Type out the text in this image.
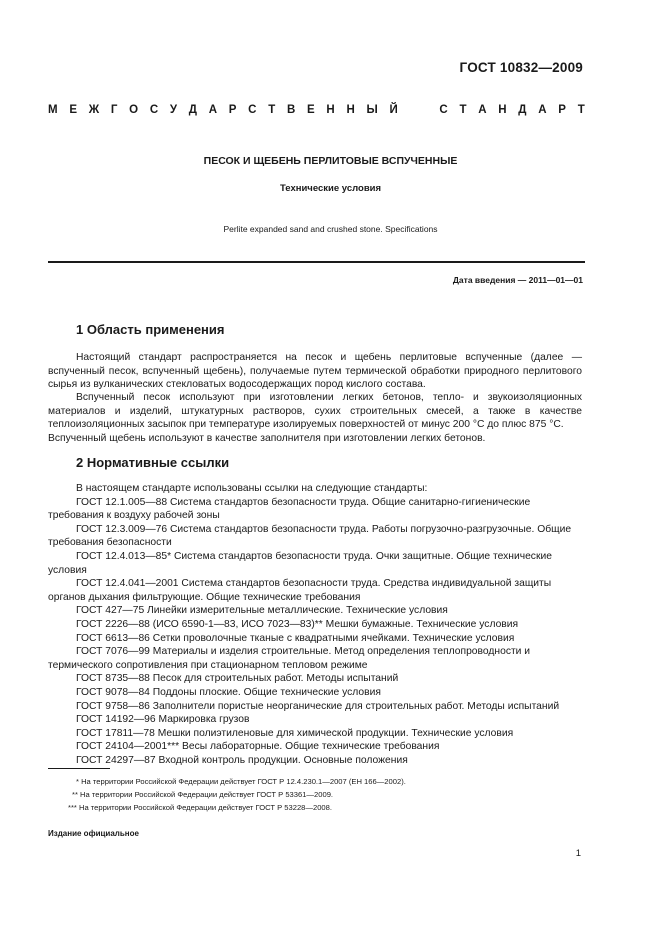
ГОСТ 10832—2009
М Е Ж Г О С У Д А Р С Т В Е Н Н Ы Й

	С Т А Н Д А Р Т
ПЕСОК И ЩЕБЕНЬ ПЕРЛИТОВЫЕ ВСПУЧЕННЫЕ
Технические условия
Perlite expanded sand and crushed stone. Specifications
Дата введения — 2011—01—01
1 Область применения
Настоящий стандарт распространяется на песок и щебень перлитовые вспученные (далее — вспученный песок, вспученный щебень), получаемые путем термической обработки природного перлитового сырья из вулканических стекловатых водосодержащих пород кислого состава.
Вспученный песок используют при изготовлении легких бетонов, тепло- и звукоизоляционных материалов и изделий, штукатурных растворов, сухих строительных смесей, а также в качестве теплоизоляционных засыпок при температуре изолируемых поверхностей от минус 200 °С до плюс 875 °С.
Вспученный щебень используют в качестве заполнителя при изготовлении легких бетонов.
2 Нормативные ссылки
В настоящем стандарте использованы ссылки на следующие стандарты:
ГОСТ 12.1.005—88 Система стандартов безопасности труда. Общие санитарно-гигиенические требования к воздуху рабочей зоны
ГОСТ 12.3.009—76 Система стандартов безопасности труда. Работы погрузочно-разгрузочные. Общие требования безопасности
ГОСТ 12.4.013—85* Система стандартов безопасности труда. Очки защитные. Общие технические условия
ГОСТ 12.4.041—2001 Система стандартов безопасности труда. Средства индивидуальной защиты органов дыхания фильтрующие. Общие технические требования
ГОСТ 427—75 Линейки измерительные металлические. Технические условия
ГОСТ 2226—88 (ИСО 6590-1—83, ИСО 7023—83)** Мешки бумажные. Технические условия
ГОСТ 6613—86 Сетки проволочные тканые с квадратными ячейками. Технические условия
ГОСТ 7076—99 Материалы и изделия строительные. Метод определения теплопроводности и термического сопротивления при стационарном тепловом режиме
ГОСТ 8735—88 Песок для строительных работ. Методы испытаний
ГОСТ 9078—84 Поддоны плоские. Общие технические условия
ГОСТ 9758—86 Заполнители пористые неорганические для строительных работ. Методы испытаний
ГОСТ 14192—96 Маркировка грузов
ГОСТ 17811—78 Мешки полиэтиленовые для химической продукции. Технические условия
ГОСТ 24104—2001*** Весы лабораторные. Общие технические требования
ГОСТ 24297—87 Входной контроль продукции. Основные положения
* На территории Российской Федерации действует ГОСТ Р 12.4.230.1—2007 (ЕН 166—2002).
** На территории Российской Федерации действует ГОСТ Р 53361—2009.
*** На территории Российской Федерации действует ГОСТ Р 53228—2008.
Издание официальное
1
